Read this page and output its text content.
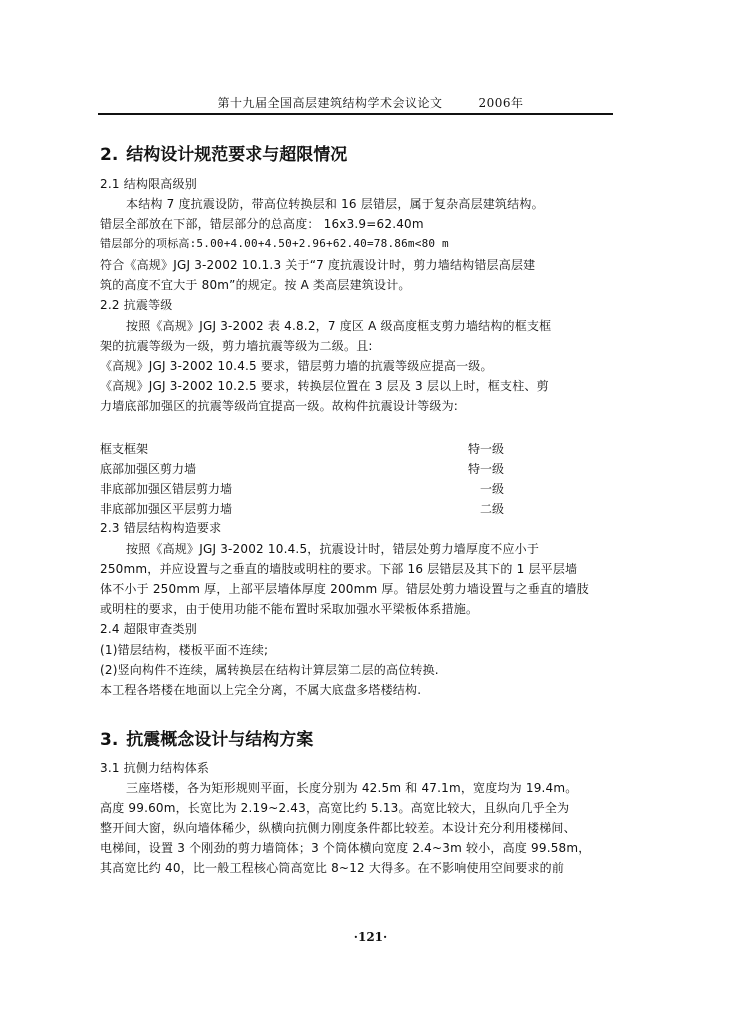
第十九届全国高层建筑结构学术会议论文	2006年
2. 结构设计规范要求与超限情况
2.1 结构限高级别
本结构 7 度抗震设防，带高位转换层和 16 层错层，属于复杂高层建筑结构。
错层全部放在下部，错层部分的总高度： 16x3.9=62.40m
错层部分的项标高:5.00+4.00+4.50+2.96+62.40=78.86m<80 m
符合《高规》JGJ 3-2002 10.1.3 关于“7 度抗震设计时，剪力墙结构错层高层建
筑的高度不宜大于 80m”的规定。按 A 类高层建筑设计。
2.2 抗震等级
按照《高规》JGJ 3-2002 表 4.8.2，7 度区 A 级高度框支剪力墙结构的框支框
架的抗震等级为一级，剪力墙抗震等级为二级。且:
《高规》JGJ 3-2002 10.4.5 要求，错层剪力墙的抗震等级应提高一级。
《高规》JGJ 3-2002 10.2.5 要求，转换层位置在 3 层及 3 层以上时，框支柱、剪
力墙底部加强区的抗震等级尚宜提高一级。故构件抗震设计等级为:
框支框架	特一级
底部加强区剪力墙	特一级
非底部加强区错层剪力墙	一级
非底部加强区平层剪力墙	二级
2.3 错层结构构造要求
按照《高规》JGJ 3-2002 10.4.5，抗震设计时，错层处剪力墙厚度不应小于
250mm，并应设置与之垂直的墙肢或明柱的要求。下部 16 层错层及其下的 1 层平层墙
体不小于 250mm 厚，上部平层墙体厚度 200mm 厚。错层处剪力墙设置与之垂直的墙肢
或明柱的要求，由于使用功能不能布置时采取加强水平梁板体系措施。
2.4 超限审查类别
(1)错层结构，楼板平面不连续;
(2)竖向构件不连续，属转换层在结构计算层第二层的高位转换.
本工程各塔楼在地面以上完全分离，不属大底盘多塔楼结构.
3. 抗震概念设计与结构方案
3.1 抗侧力结构体系
三座塔楼，各为矩形规则平面，长度分别为 42.5m 和 47.1m，宽度均为 19.4m。
高度 99.60m，长宽比为 2.19~2.43，高宽比约 5.13。高宽比较大，且纵向几乎全为
整开间大窗，纵向墙体稀少，纵横向抗侧力刚度条件都比较差。本设计充分利用楼梯间、
电梯间，设置 3 个刚劲的剪力墙筒体；3 个筒体横向宽度 2.4~3m 较小，高度 99.58m，
其高宽比约 40，比一般工程核心筒高宽比 8~12 大得多。在不影响使用空间要求的前
·121·
